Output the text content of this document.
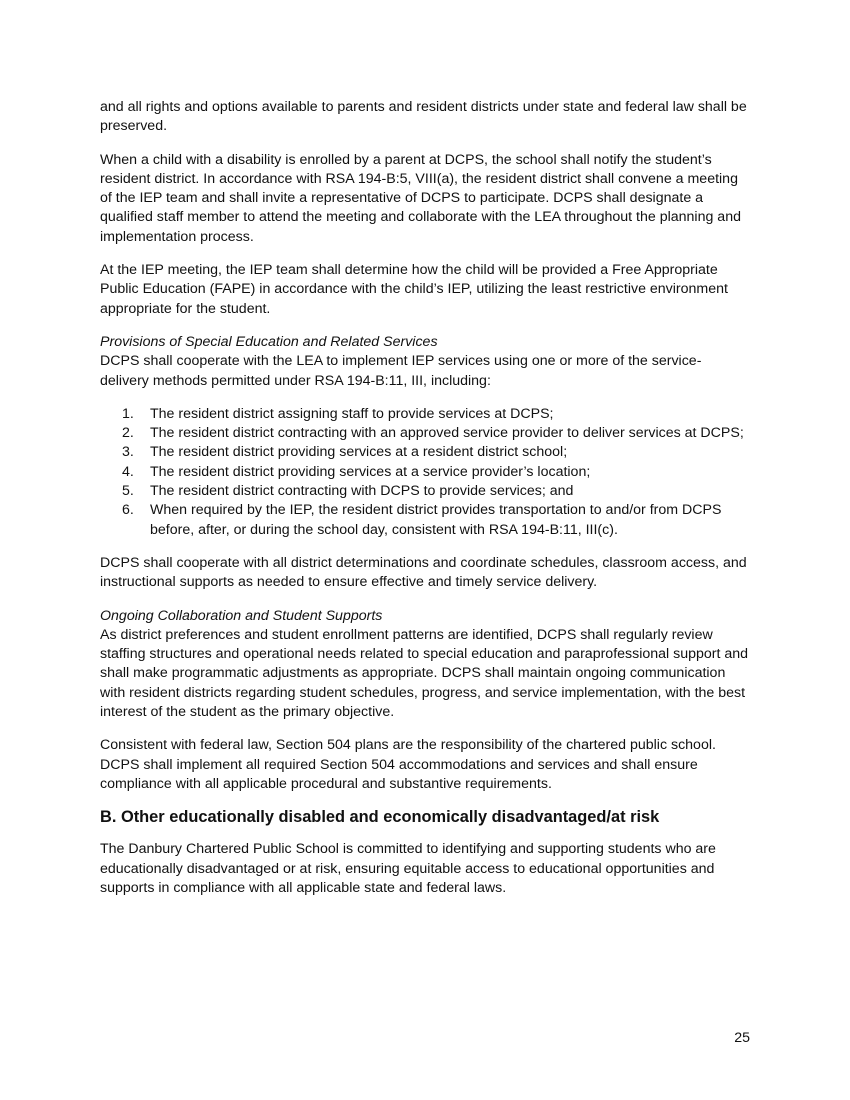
and all rights and options available to parents and resident districts under state and federal law shall be preserved.

When a child with a disability is enrolled by a parent at DCPS, the school shall notify the student’s resident district. In accordance with RSA 194-B:5, VIII(a), the resident district shall convene a meeting of the IEP team and shall invite a representative of DCPS to participate. DCPS shall designate a qualified staff member to attend the meeting and collaborate with the LEA throughout the planning and implementation process.

At the IEP meeting, the IEP team shall determine how the child will be provided a Free Appropriate Public Education (FAPE) in accordance with the child’s IEP, utilizing the least restrictive environment appropriate for the student.

Provisions of Special Education and Related Services

DCPS shall cooperate with the LEA to implement IEP services using one or more of the service-delivery methods permitted under RSA 194-B:11, III, including:

1. The resident district assigning staff to provide services at DCPS;
2. The resident district contracting with an approved service provider to deliver services at DCPS;
3. The resident district providing services at a resident district school;
4. The resident district providing services at a service provider’s location;
5. The resident district contracting with DCPS to provide services; and
6. When required by the IEP, the resident district provides transportation to and/or from DCPS before, after, or during the school day, consistent with RSA 194-B:11, III(c).

DCPS shall cooperate with all district determinations and coordinate schedules, classroom access, and instructional supports as needed to ensure effective and timely service delivery.

Ongoing Collaboration and Student Supports

As district preferences and student enrollment patterns are identified, DCPS shall regularly review staffing structures and operational needs related to special education and paraprofessional support and shall make programmatic adjustments as appropriate. DCPS shall maintain ongoing communication with resident districts regarding student schedules, progress, and service implementation, with the best interest of the student as the primary objective.

Consistent with federal law, Section 504 plans are the responsibility of the chartered public school. DCPS shall implement all required Section 504 accommodations and services and shall ensure compliance with all applicable procedural and substantive requirements.

B. Other educationally disabled and economically disadvantaged/at risk

The Danbury Chartered Public School is committed to identifying and supporting students who are educationally disadvantaged or at risk, ensuring equitable access to educational opportunities and supports in compliance with all applicable state and federal laws.

25
